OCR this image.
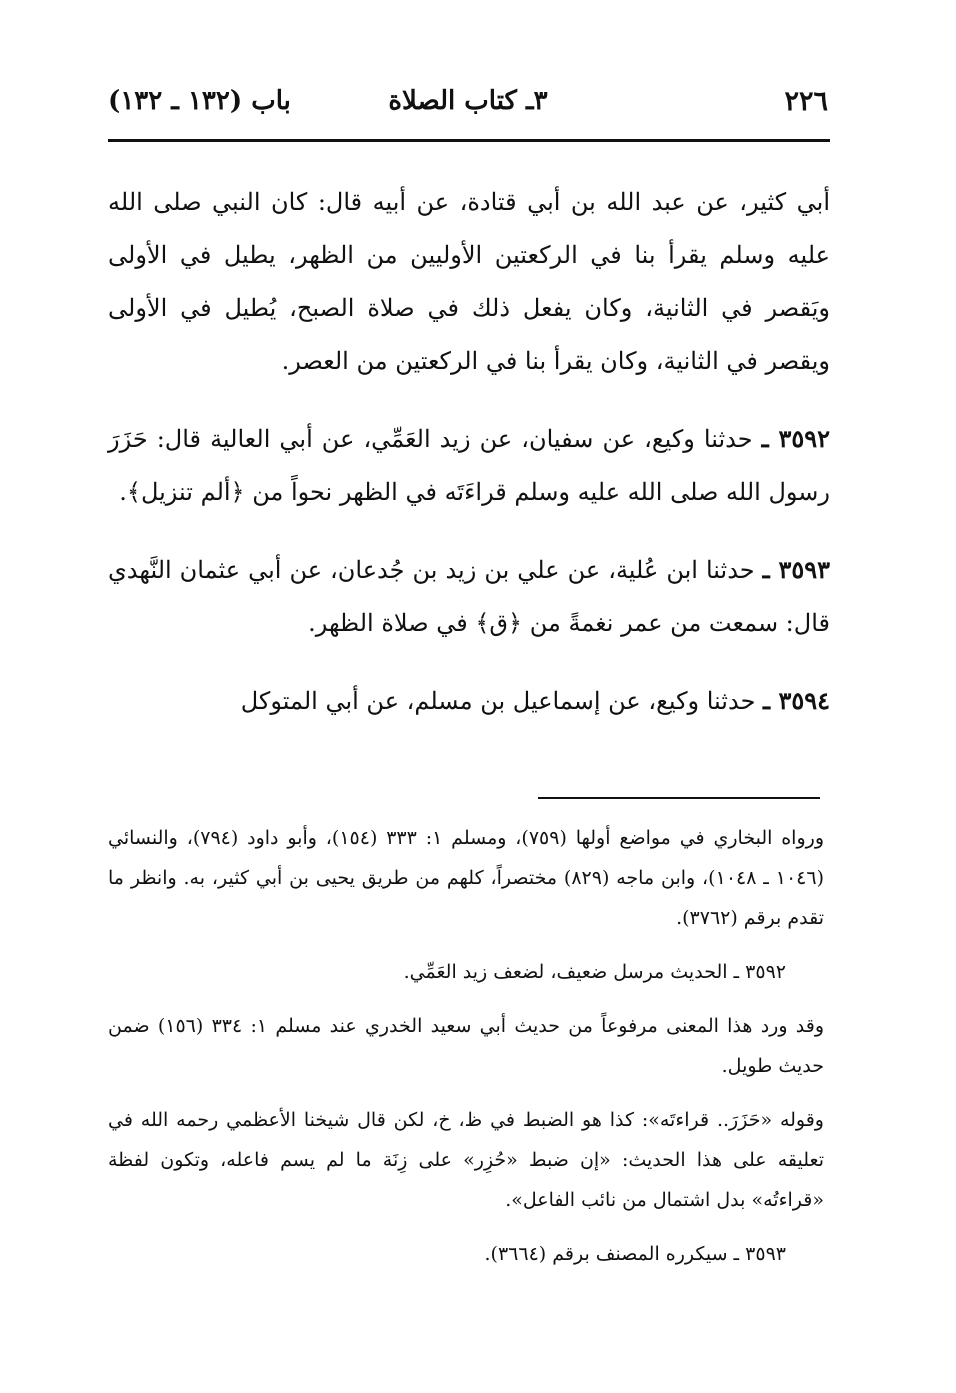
٢٢٦
٣ـ كتاب الصلاة
باب (١٣٢ ـ ١٣٢)

أبي كثير، عن عبد الله بن أبي قتادة، عن أبيه قال: كان النبي صلى الله عليه وسلم يقرأ بنا في الركعتين الأوليين من الظهر، يطيل في الأولى ويَقصر في الثانية، وكان يفعل ذلك في صلاة الصبح، يُطيل في الأولى ويقصر في الثانية، وكان يقرأ بنا في الركعتين من العصر.

٣٥٩٢ ـ حدثنا وكيع، عن سفيان، عن زيد العَمِّي، عن أبي العالية قال: حَزَرَ رسول الله صلى الله عليه وسلم قراءَتَه في الظهر نحواً من ﴿ألم تنزيل﴾.

٣٥٩٣ ـ حدثنا ابن عُلية، عن علي بن زيد بن جُدعان، عن أبي عثمان النَّهدي قال: سمعت من عمر نغمةً من ﴿ق﴾ في صلاة الظهر.

٣٥٩٤ ـ حدثنا وكيع، عن إسماعيل بن مسلم، عن أبي المتوكل

ورواه البخاري في مواضع أولها (٧٥٩)، ومسلم ١: ٣٣٣ (١٥٤)، وأبو داود (٧٩٤)، والنسائي (١٠٤٦ ـ ١٠٤٨)، وابن ماجه (٨٢٩) مختصراً، كلهم من طريق يحيى بن أبي كثير، به. وانظر ما تقدم برقم (٣٧٦٢).

٣٥٩٢ ـ الحديث مرسل ضعيف، لضعف زيد العَمِّي.

وقد ورد هذا المعنى مرفوعاً من حديث أبي سعيد الخدري عند مسلم ١: ٣٣٤ (١٥٦) ضمن حديث طويل.

وقوله «حَزَرَ.. قراءتَه»: كذا هو الضبط في ظ، خ، لكن قال شيخنا الأعظمي رحمه الله في تعليقه على هذا الحديث: «إن ضبط «حُزِر» على زِنَة ما لم يسم فاعله، وتكون لفظة «قراءتُه» بدل اشتمال من نائب الفاعل».

٣٥٩٣ ـ سيكرره المصنف برقم (٣٦٦٤).
